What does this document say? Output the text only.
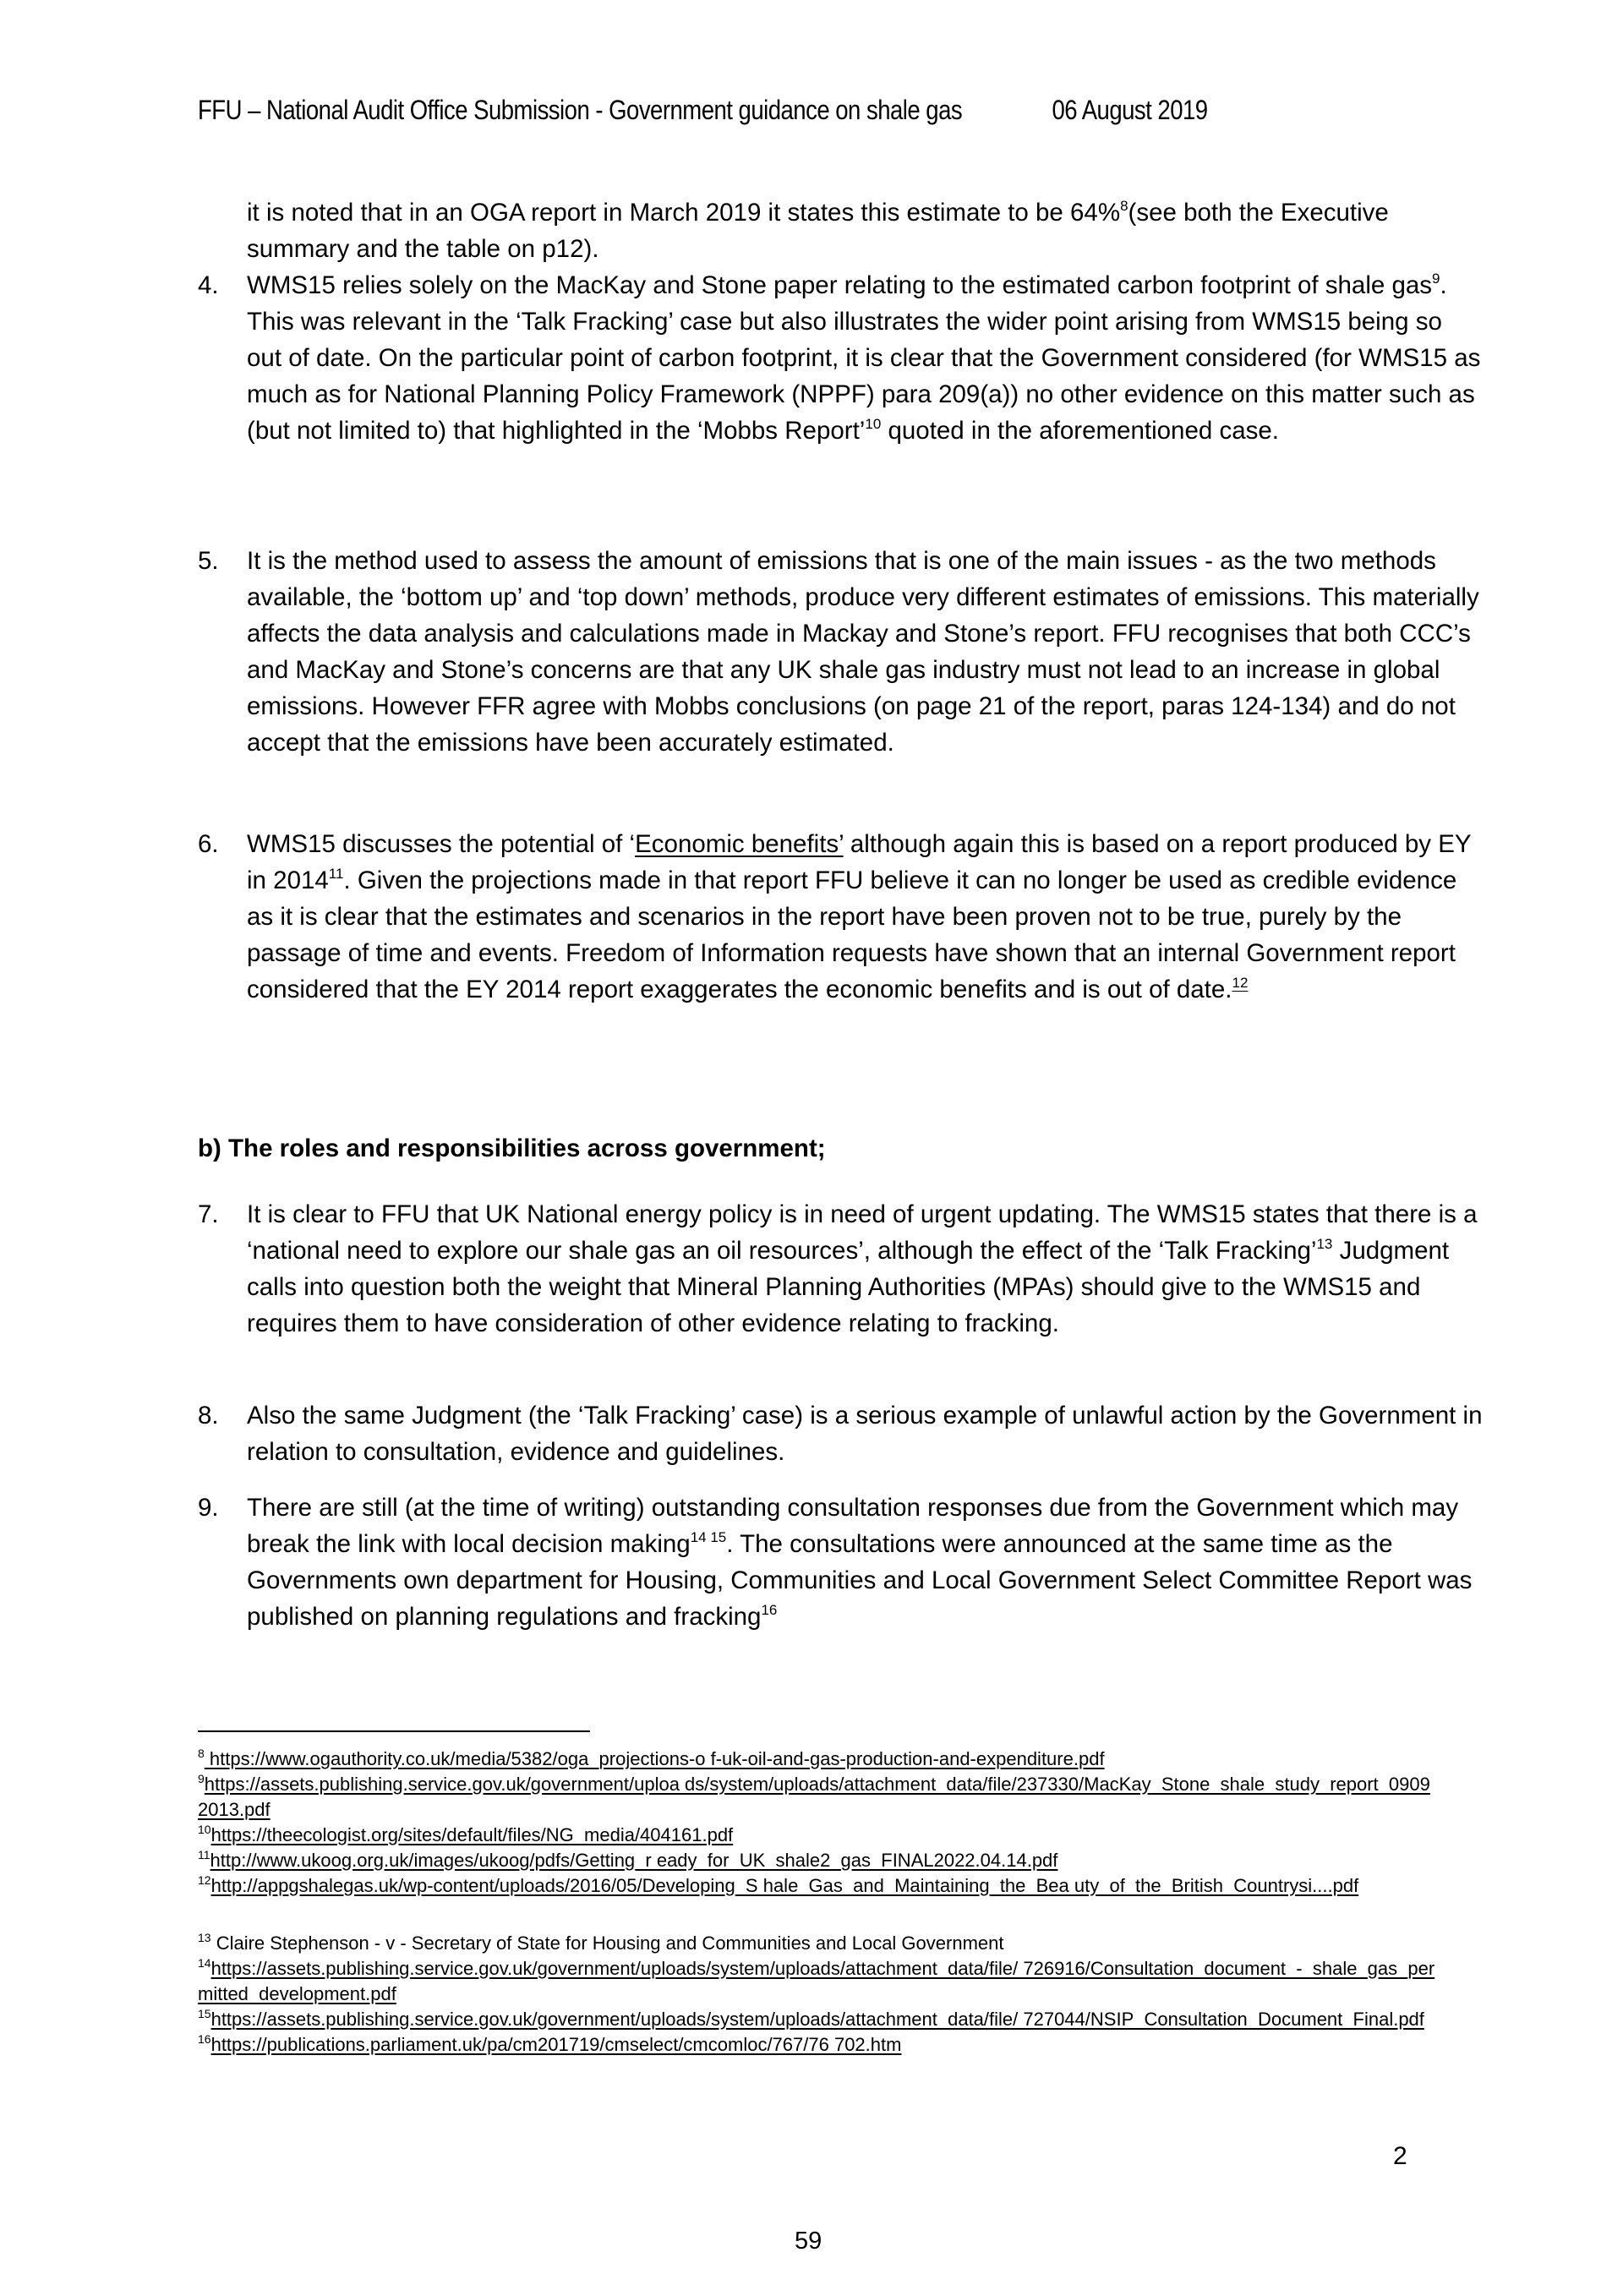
FFU – National Audit Office Submission - Government guidance on shale gas	06 August 2019
it is noted that in an OGA report in March 2019 it states this estimate to be 64%$^8$(see both the Executive summary and the table on p12).
4.	WMS15 relies solely on the MacKay and Stone paper relating to the estimated carbon footprint of shale gas$^9$. This was relevant in the ‘Talk Fracking’ case but also illustrates the wider point arising from WMS15 being so out of date. On the particular point of carbon footprint, it is clear that the Government considered (for WMS15 as much as for National Planning Policy Framework (NPPF) para 209(a)) no other evidence on this matter such as (but not limited to) that highlighted in the ‘Mobbs Report’$^{10}$ quoted in the aforementioned case.
5.	It is the method used to assess the amount of emissions that is one of the main issues - as the two methods available, the ‘bottom up’ and ‘top down’ methods, produce very different estimates of emissions. This materially affects the data analysis and calculations made in Mackay and Stone’s report. FFU recognises that both CCC’s and MacKay and Stone’s concerns are that any UK shale gas industry must not lead to an increase in global emissions. However FFR agree with Mobbs conclusions (on page 21 of the report, paras 124-134) and do not accept that the emissions have been accurately estimated.
6.	WMS15 discusses the potential of ‘Economic benefits’ although again this is based on a report produced by EY in 2014$^{11}$. Given the projections made in that report FFU believe it can no longer be used as credible evidence as it is clear that the estimates and scenarios in the report have been proven not to be true, purely by the passage of time and events. Freedom of Information requests have shown that an internal Government report considered that the EY 2014 report exaggerates the economic benefits and is out of date.$^{12}$
b) The roles and responsibilities across government;
7.	It is clear to FFU that UK National energy policy is in need of urgent updating. The WMS15 states that there is a ‘national need to explore our shale gas an oil resources’, although the effect of the ‘Talk Fracking’$^{13}$ Judgment calls into question both the weight that Mineral Planning Authorities (MPAs) should give to the WMS15 and requires them to have consideration of other evidence relating to fracking.
8.	Also the same Judgment (the ‘Talk Fracking’ case) is a serious example of unlawful action by the Government in relation to consultation, evidence and guidelines.
9.	There are still (at the time of writing) outstanding consultation responses due from the Government which may break the link with local decision making$^{14 15}$. The consultations were announced at the same time as the Governments own department for Housing, Communities and Local Government Select Committee Report was published on planning regulations and fracking$^{16}$
$^8$ https://www.ogauthority.co.uk/media/5382/oga_projections-o f-uk-oil-and-gas-production-and-expenditure.pdf
$^9$https://assets.publishing.service.gov.uk/government/uploa ds/system/uploads/attachment_data/file/237330/MacKay_Stone_shale_study_report_09092013.pdf
$^{10}$https://theecologist.org/sites/default/files/NG_media/404161.pdf
$^{11}$http://www.ukoog.org.uk/images/ukoog/pdfs/Getting_r eady_for_UK_shale2_gas_FINAL2022.04.14.pdf
$^{12}$http://appgshalegas.uk/wp-content/uploads/2016/05/Developing_S hale_Gas_and_Maintaining_the_Bea uty_of_the_British_Countrysi....pdf
$^{13}$ Claire Stephenson - v - Secretary of State for Housing and Communities and Local Government
$^{14}$https://assets.publishing.service.gov.uk/government/uploads/system/uploads/attachment_data/file/ 726916/Consultation_document_-_shale_gas_permitted_development.pdf
$^{15}$https://assets.publishing.service.gov.uk/government/uploads/system/uploads/attachment_data/file/ 727044/NSIP_Consultation_Document_Final.pdf
$^{16}$https://publications.parliament.uk/pa/cm201719/cmselect/cmcomloc/767/76 702.htm
2
59
